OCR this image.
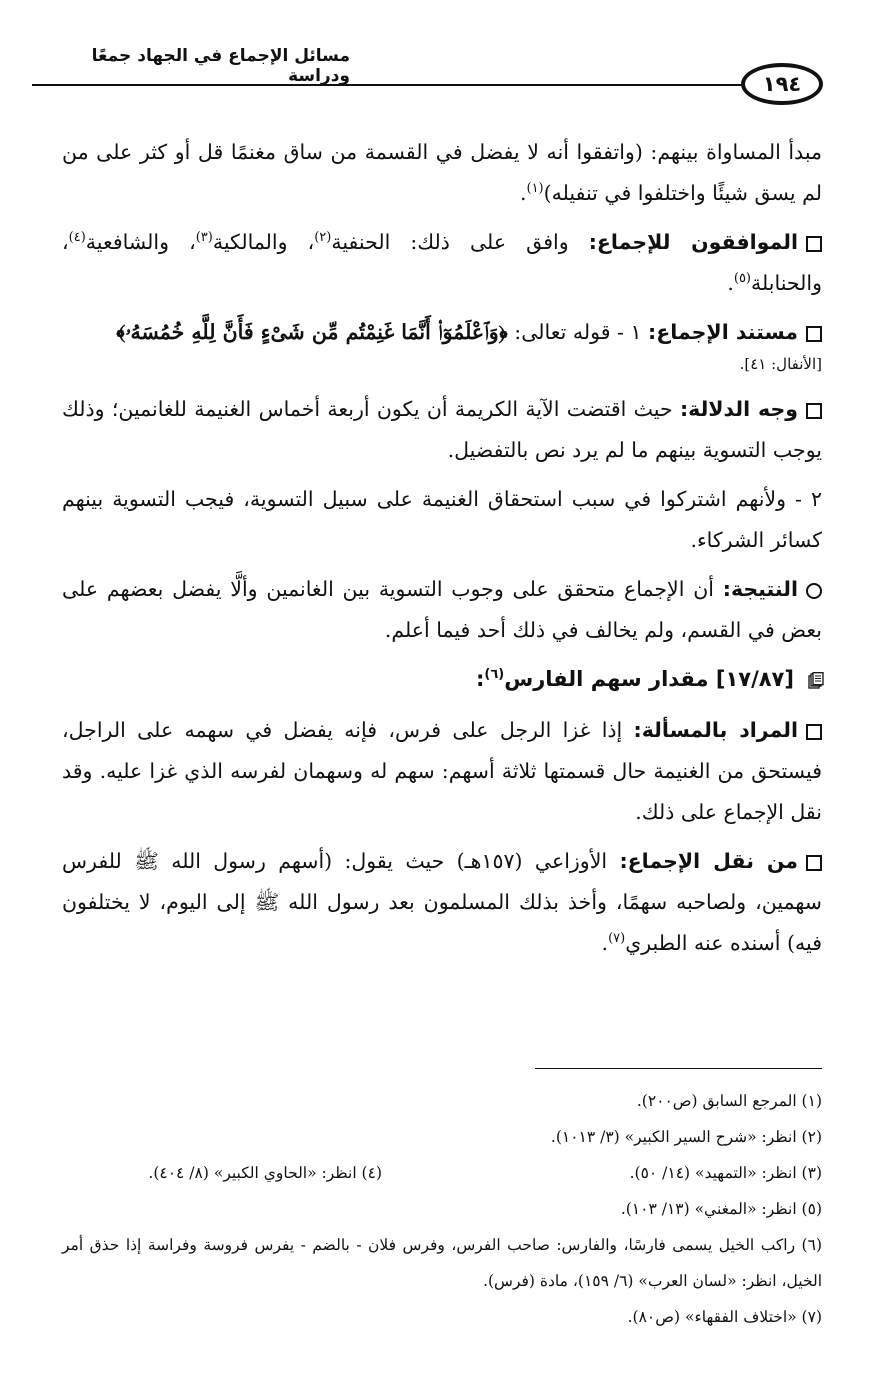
مسائل الإجماع في الجهاد جمعًا ودراسة	١٩٤

مبدأ المساواة بينهم: (واتفقوا أنه لا يفضل في القسمة من ساق مغنمًا قل أو كثر على من لم يسق شيئًا واختلفوا في تنفيله)$^{(١)}$.

الموافقون للإجماع: وافق على ذلك: الحنفية$^{(٢)}$، والمالكية$^{(٣)}$، والشافعية$^{(٤)}$، والحنابلة$^{(٥)}$.

مستند الإجماع: ١ - قوله تعالى: ﴿وَٱعْلَمُوٓا۟ أَنَّمَا غَنِمْتُم مِّن شَىْءٍ فَأَنَّ لِلَّهِ خُمُسَهُۥ﴾

[الأنفال: ٤١].

وجه الدلالة: حيث اقتضت الآية الكريمة أن يكون أربعة أخماس الغنيمة للغانمين؛ وذلك يوجب التسوية بينهم ما لم يرد نص بالتفضيل.

٢ - ولأنهم اشتركوا في سبب استحقاق الغنيمة على سبيل التسوية، فيجب التسوية بينهم كسائر الشركاء.

النتيجة: أن الإجماع متحقق على وجوب التسوية بين الغانمين وألَّا يفضل بعضهم على بعض في القسم، ولم يخالف في ذلك أحد فيما أعلم.

[١٧/٨٧] مقدار سهم الفارس$^{(٦)}$:

المراد بالمسألة: إذا غزا الرجل على فرس، فإنه يفضل في سهمه على الراجل، فيستحق من الغنيمة حال قسمتها ثلاثة أسهم: سهم له وسهمان لفرسه الذي غزا عليه. وقد نقل الإجماع على ذلك.

من نقل الإجماع: الأوزاعي (١٥٧هـ) حيث يقول: (أسهم رسول الله ﷺ للفرس سهمين، ولصاحبه سهمًا، وأخذ بذلك المسلمون بعد رسول الله ﷺ إلى اليوم، لا يختلفون فيه) أسنده عنه الطبري$^{(٧)}$.

(١) المرجع السابق (ص٢٠٠).
(٢) انظر: «شرح السير الكبير» (٣/ ١٠١٣).
(٣) انظر: «التمهيد» (١٤/ ٥٠).
(٤) انظر: «الحاوي الكبير» (٨/ ٤٠٤).
(٥) انظر: «المغني» (١٣/ ١٠٣).
(٦) راكب الخيل يسمى فارسًا، والفارس: صاحب الفرس، وفرس فلان - بالضم - يفرس فروسة وفراسة إذا حذق أمر الخيل، انظر: «لسان العرب» (٦/ ١٥٩)، مادة (فرس).
(٧) «اختلاف الفقهاء» (ص٨٠).
